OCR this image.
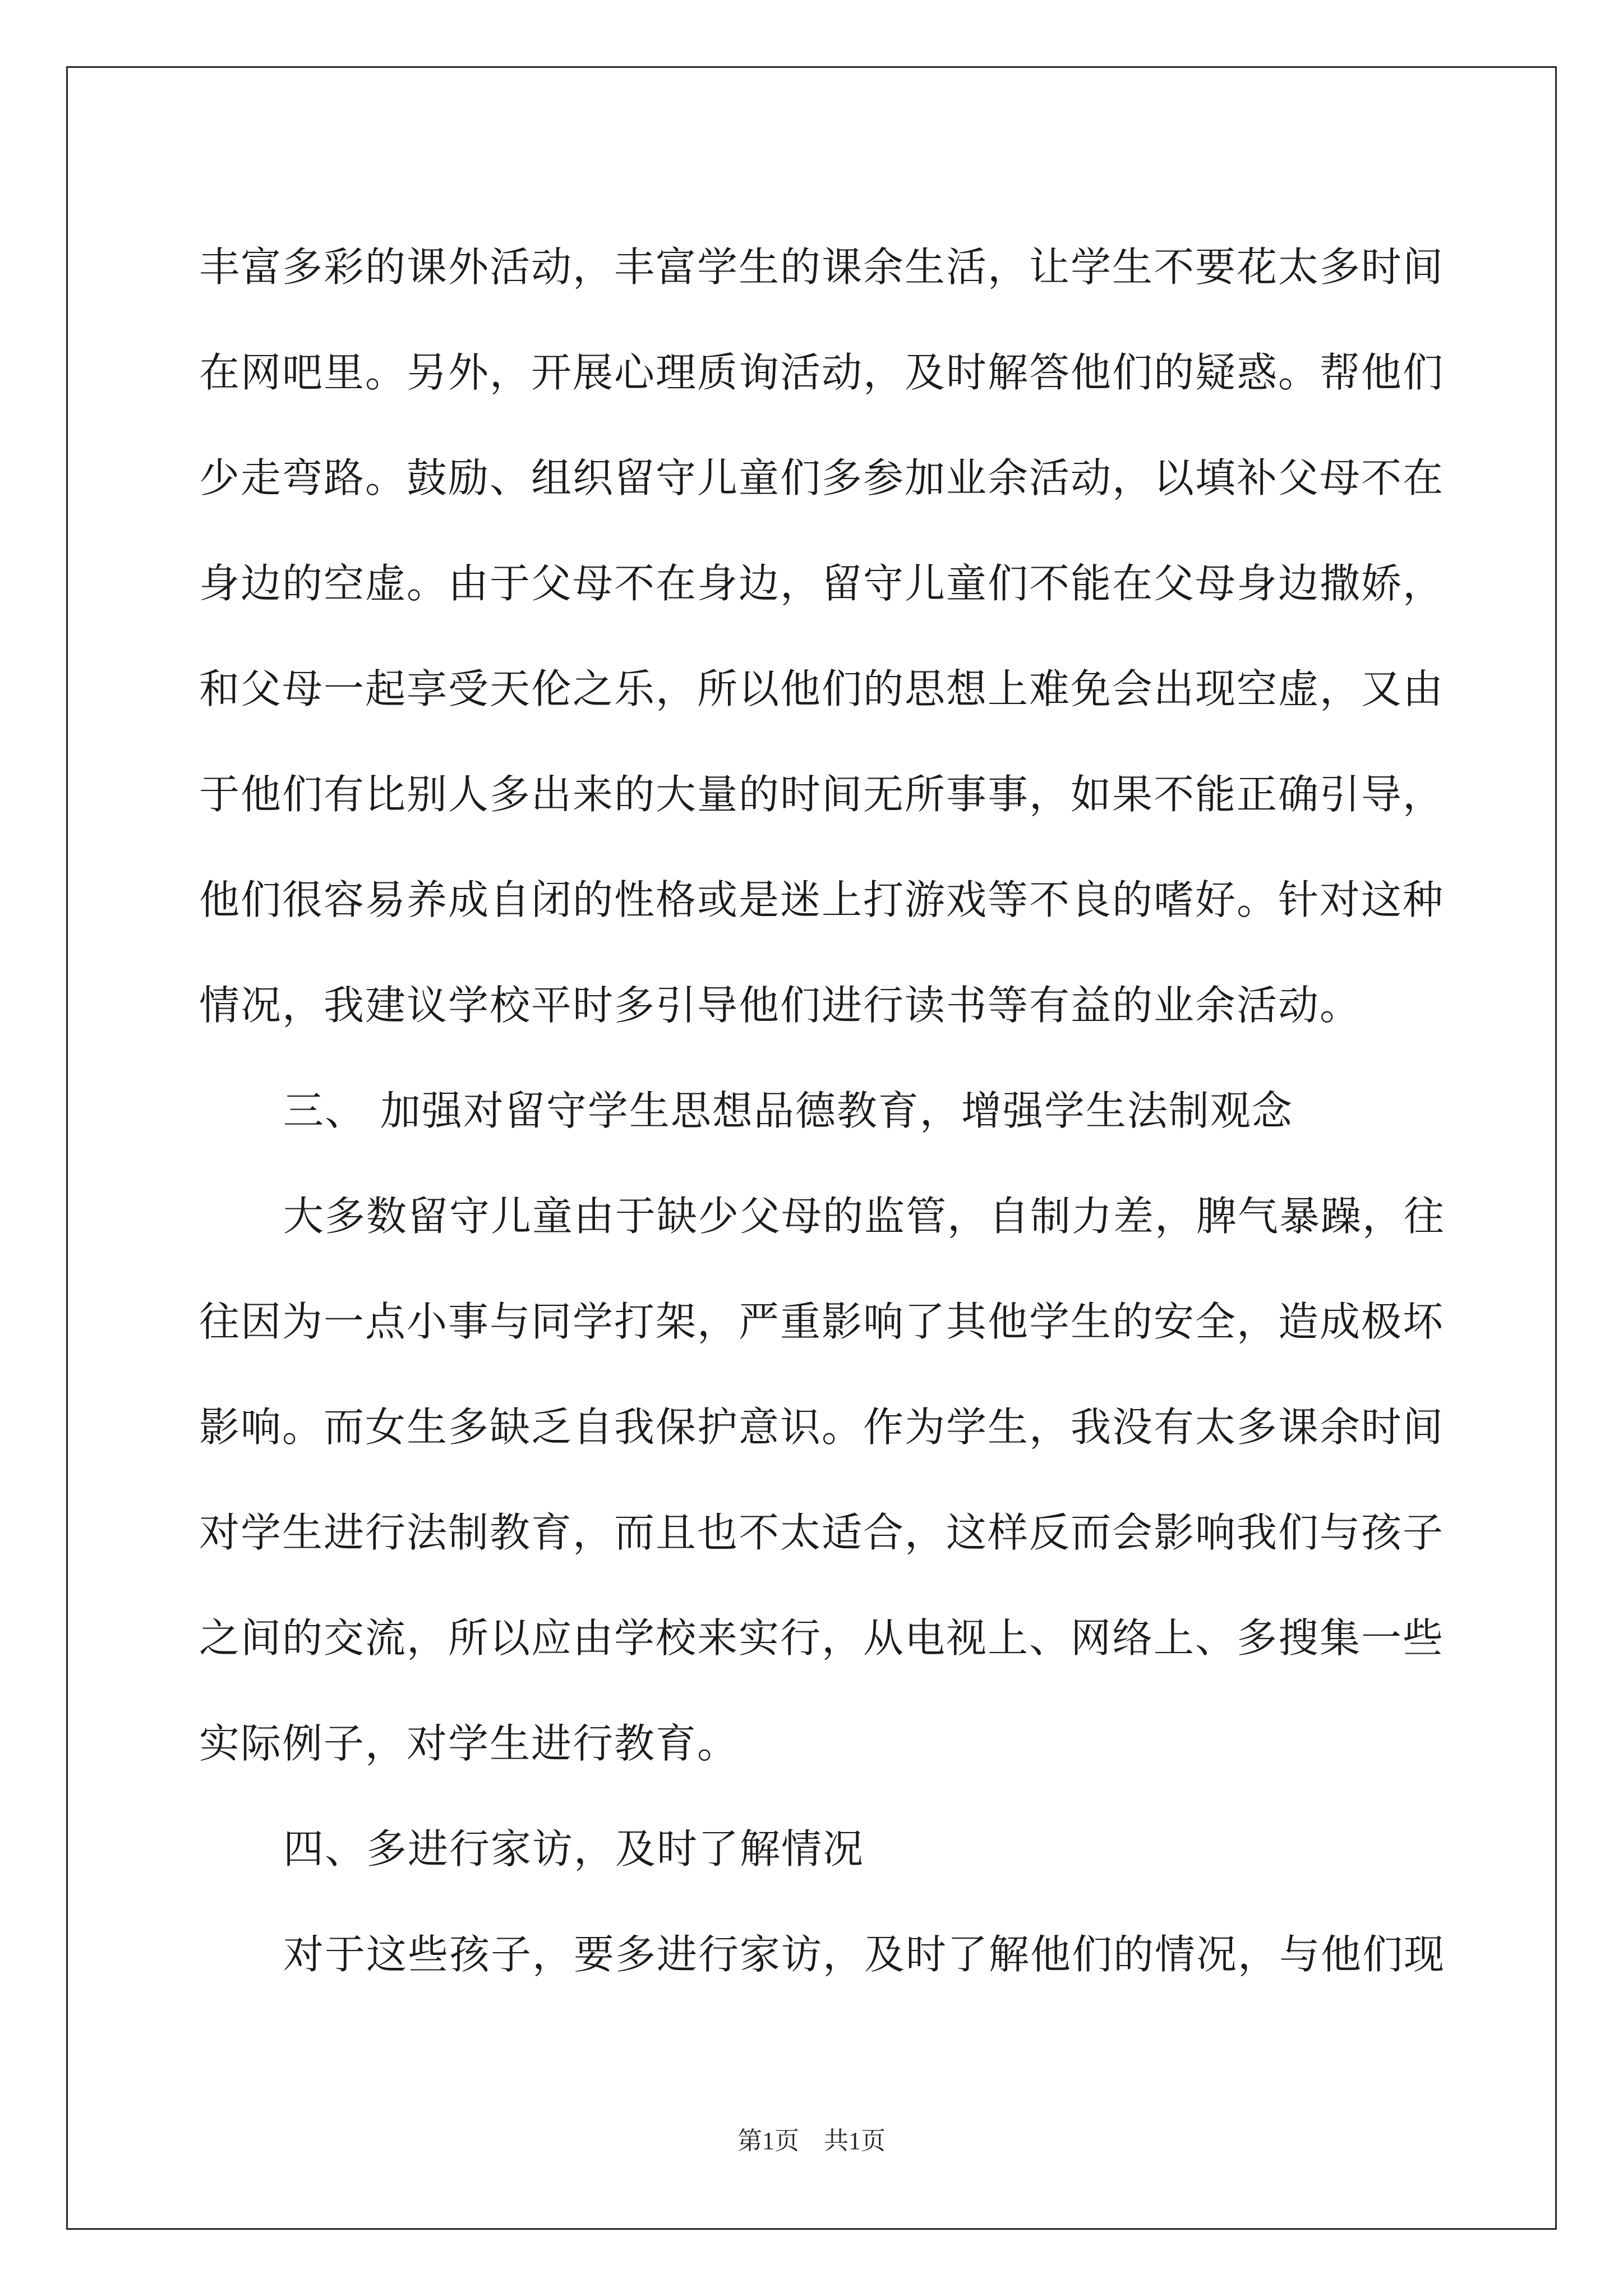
丰富多彩的课外活动，丰富学生的课余生活，让学生不要花太多时间
在网吧里。另外，开展心理质询活动，及时解答他们的疑惑。帮他们
少走弯路。鼓励、组织留守儿童们多参加业余活动，以填补父母不在
身边的空虚。由于父母不在身边，留守儿童们不能在父母身边撒娇，
和父母一起享受天伦之乐，所以他们的思想上难免会出现空虚，又由
于他们有比别人多出来的大量的时间无所事事，如果不能正确引导，
他们很容易养成自闭的性格或是迷上打游戏等不良的嗜好。针对这种
情况，我建议学校平时多引导他们进行读书等有益的业余活动。
三、 加强对留守学生思想品德教育，增强学生法制观念
大多数留守儿童由于缺少父母的监管，自制力差，脾气暴躁，往
往因为一点小事与同学打架，严重影响了其他学生的安全，造成极坏
影响。而女生多缺乏自我保护意识。作为学生，我没有太多课余时间
对学生进行法制教育，而且也不太适合，这样反而会影响我们与孩子
之间的交流，所以应由学校来实行，从电视上、网络上、多搜集一些
实际例子，对学生进行教育。
四、多进行家访，及时了解情况
对于这些孩子，要多进行家访，及时了解他们的情况，与他们现
第1页　共1页
